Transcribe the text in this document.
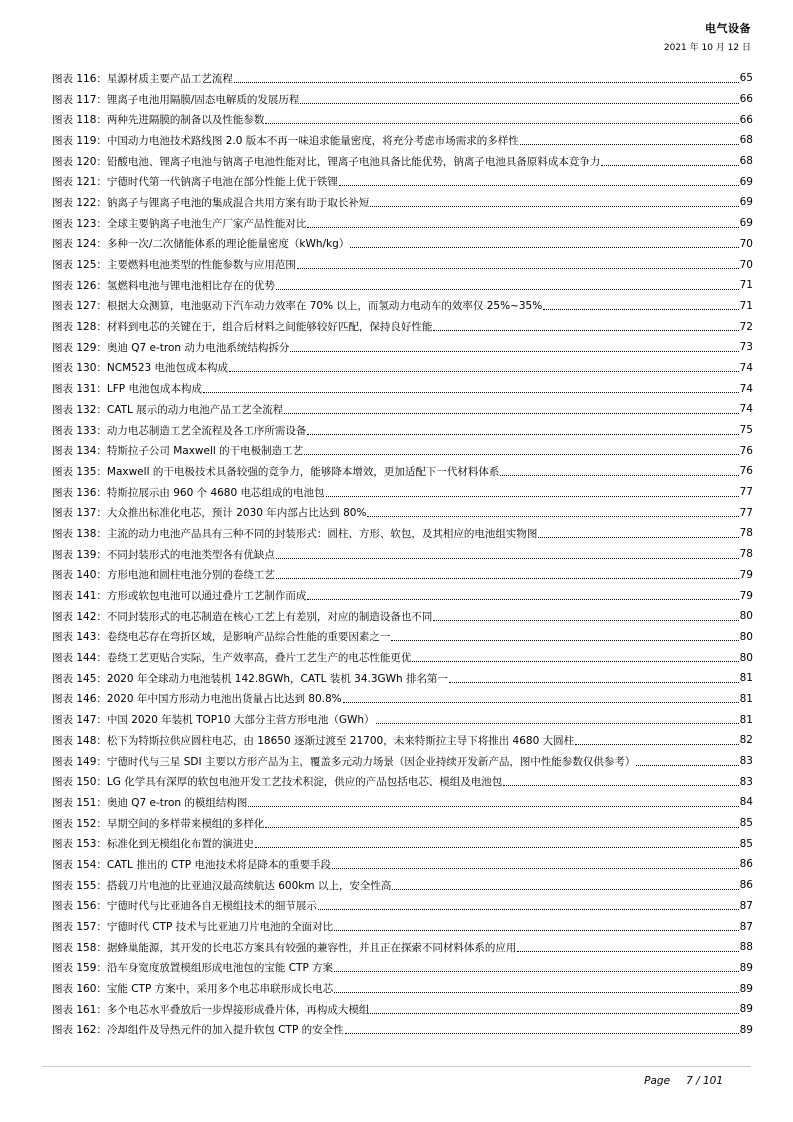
电气设备
2021 年 10 月 12 日
图表 116： 星源材质主要产品工艺流程	65
图表 117： 锂离子电池用隔膜/固态电解质的发展历程	66
图表 118： 两种先进隔膜的制备以及性能参数	66
图表 119： 中国动力电池技术路线图 2.0 版本不再一味追求能量密度，将充分考虑市场需求的多样性	68
图表 120： 铅酸电池、锂离子电池与钠离子电池性能对比，锂离子电池具备比能优势，钠离子电池具备原料成本竞争力	68
图表 121： 宁德时代第一代钠离子电池在部分性能上优于铁锂	69
图表 122： 钠离子与锂离子电池的集成混合共用方案有助于取长补短	69
图表 123： 全球主要钠离子电池生产厂家产品性能对比	69
图表 124： 多种一次/二次储能体系的理论能量密度（kWh/kg）	70
图表 125： 主要燃料电池类型的性能参数与应用范围	70
图表 126： 氢燃料电池与锂电池相比存在的优势	71
图表 127： 根据大众测算，电池驱动下汽车动力效率在 70% 以上，而氢动力电动车的效率仅 25%~35%	71
图表 128： 材料到电芯的关键在于，组合后材料之间能够较好匹配，保持良好性能	72
图表 129： 奥迪 Q7 e-tron 动力电池系统结构拆分	73
图表 130： NCM523 电池包成本构成	74
图表 131： LFP 电池包成本构成	74
图表 132： CATL 展示的动力电池产品工艺全流程	74
图表 133： 动力电芯制造工艺全流程及各工序所需设备	75
图表 134： 特斯拉子公司 Maxwell 的干电极制造工艺	76
图表 135： Maxwell 的干电极技术具备较强的竞争力，能够降本增效，更加适配下一代材料体系	76
图表 136： 特斯拉展示由 960 个 4680 电芯组成的电池包	77
图表 137： 大众推出标准化电芯，预计 2030 年内部占比达到 80%	77
图表 138： 主流的动力电池产品具有三种不同的封装形式：圆柱、方形、软包，及其相应的电池组实物图	78
图表 139： 不同封装形式的电池类型各有优缺点	78
图表 140： 方形电池和圆柱电池分别的卷绕工艺	79
图表 141： 方形或软包电池可以通过叠片工艺制作而成	79
图表 142： 不同封装形式的电芯制造在核心工艺上有差别，对应的制造设备也不同	80
图表 143： 卷绕电芯存在弯折区域，是影响产品综合性能的重要因素之一	80
图表 144： 卷绕工艺更贴合实际，生产效率高，叠片工艺生产的电芯性能更优	80
图表 145： 2020 年全球动力电池装机 142.8GWh，CATL 装机 34.3GWh 排名第一	81
图表 146： 2020 年中国方形动力电池出货量占比达到 80.8%	81
图表 147： 中国 2020 年装机 TOP10 大部分主营方形电池（GWh）	81
图表 148： 松下为特斯拉供应圆柱电芯，由 18650 逐渐过渡至 21700，未来特斯拉主导下将推出 4680 大圆柱	82
图表 149： 宁德时代与三星 SDI 主要以方形产品为主，覆盖多元动力场景（因企业持续开发新产品，图中性能参数仅供参考）	83
图表 150： LG 化学具有深厚的软包电池开发工艺技术积淀，供应的产品包括电芯、模组及电池包	83
图表 151： 奥迪 Q7 e-tron 的模组结构图	84
图表 152： 早期空间的多样带来模组的多样化	85
图表 153： 标准化到无模组化布置的演进史	85
图表 154： CATL 推出的 CTP 电池技术将是降本的重要手段	86
图表 155： 搭载刀片电池的比亚迪汉最高续航达 600km 以上，安全性高	86
图表 156： 宁德时代与比亚迪各自无模组技术的细节展示	87
图表 157： 宁德时代 CTP 技术与比亚迪刀片电池的全面对比	87
图表 158： 据蜂巢能源，其开发的长电芯方案具有较强的兼容性，并且正在探索不同材料体系的应用	88
图表 159： 沿车身宽度放置模组形成电池包的宝能 CTP 方案	89
图表 160： 宝能 CTP 方案中，采用多个电芯串联形成长电芯	89
图表 161： 多个电芯水平叠放后一步焊接形成叠片体，再构成大模组	89
图表 162： 冷却组件及导热元件的加入提升软包 CTP 的安全性	89
Page 7 / 101
